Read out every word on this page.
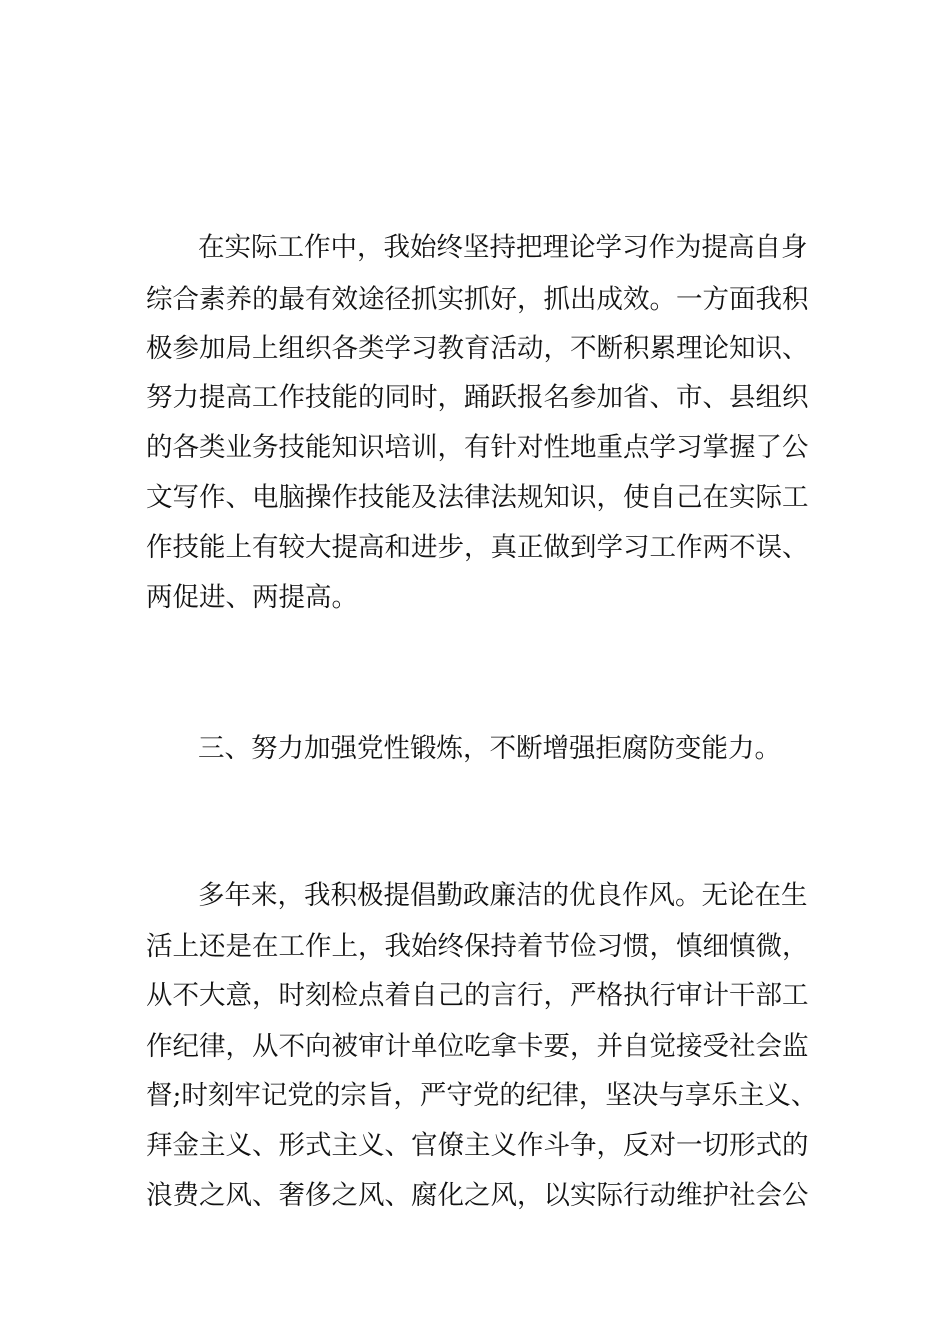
在实际工作中，我始终坚持把理论学习作为提高自身
综合素养的最有效途径抓实抓好，抓出成效。一方面我积
极参加局上组织各类学习教育活动，不断积累理论知识、
努力提高工作技能的同时，踊跃报名参加省、市、县组织
的各类业务技能知识培训，有针对性地重点学习掌握了公
文写作、电脑操作技能及法律法规知识，使自己在实际工
作技能上有较大提高和进步，真正做到学习工作两不误、
两促进、两提高。
三、努力加强党性锻炼，不断增强拒腐防变能力。
多年来，我积极提倡勤政廉洁的优良作风。无论在生
活上还是在工作上，我始终保持着节俭习惯，慎细慎微，
从不大意，时刻检点着自己的言行，严格执行审计干部工
作纪律，从不向被审计单位吃拿卡要，并自觉接受社会监
督;时刻牢记党的宗旨，严守党的纪律，坚决与享乐主义、
拜金主义、形式主义、官僚主义作斗争，反对一切形式的
浪费之风、奢侈之风、腐化之风，以实际行动维护社会公
